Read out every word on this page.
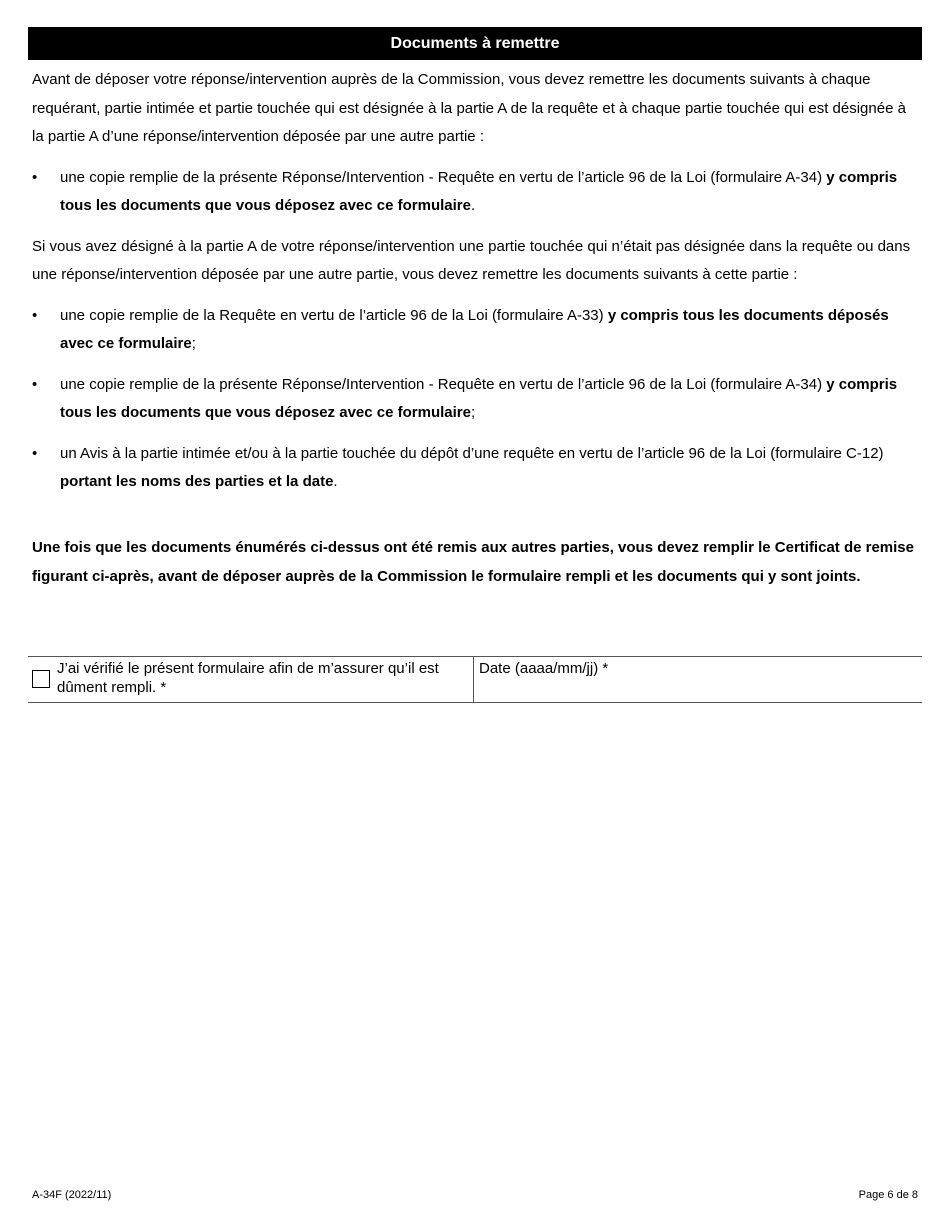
Documents à remettre

Avant de déposer votre réponse/intervention auprès de la Commission, vous devez remettre les documents suivants à chaque requérant, partie intimée et partie touchée qui est désignée à la partie A de la requête et à chaque partie touchée qui est désignée à la partie A d’une réponse/intervention déposée par une autre partie :

• une copie remplie de la présente Réponse/Intervention - Requête en vertu de l’article 96 de la Loi (formulaire A-34) y compris tous les documents que vous déposez avec ce formulaire.

Si vous avez désigné à la partie A de votre réponse/intervention une partie touchée qui n’était pas désignée dans la requête ou dans une réponse/intervention déposée par une autre partie, vous devez remettre les documents suivants à cette partie :

• une copie remplie de la Requête en vertu de l’article 96 de la Loi (formulaire A-33) y compris tous les documents déposés avec ce formulaire;
• une copie remplie de la présente Réponse/Intervention - Requête en vertu de l’article 96 de la Loi (formulaire A-34) y compris tous les documents que vous déposez avec ce formulaire;
• un Avis à la partie intimée et/ou à la partie touchée du dépôt d’une requête en vertu de l’article 96 de la Loi (formulaire C-12) portant les noms des parties et la date.

Une fois que les documents énumérés ci-dessus ont été remis aux autres parties, vous devez remplir le Certificat de remise figurant ci-après, avant de déposer auprès de la Commission le formulaire rempli et les documents qui y sont joints.

J’ai vérifié le présent formulaire afin de m’assurer qu’il est dûment rempli. *
Date (aaaa/mm/jj) *
A-34F (2022/11)	Page 6 de 8
